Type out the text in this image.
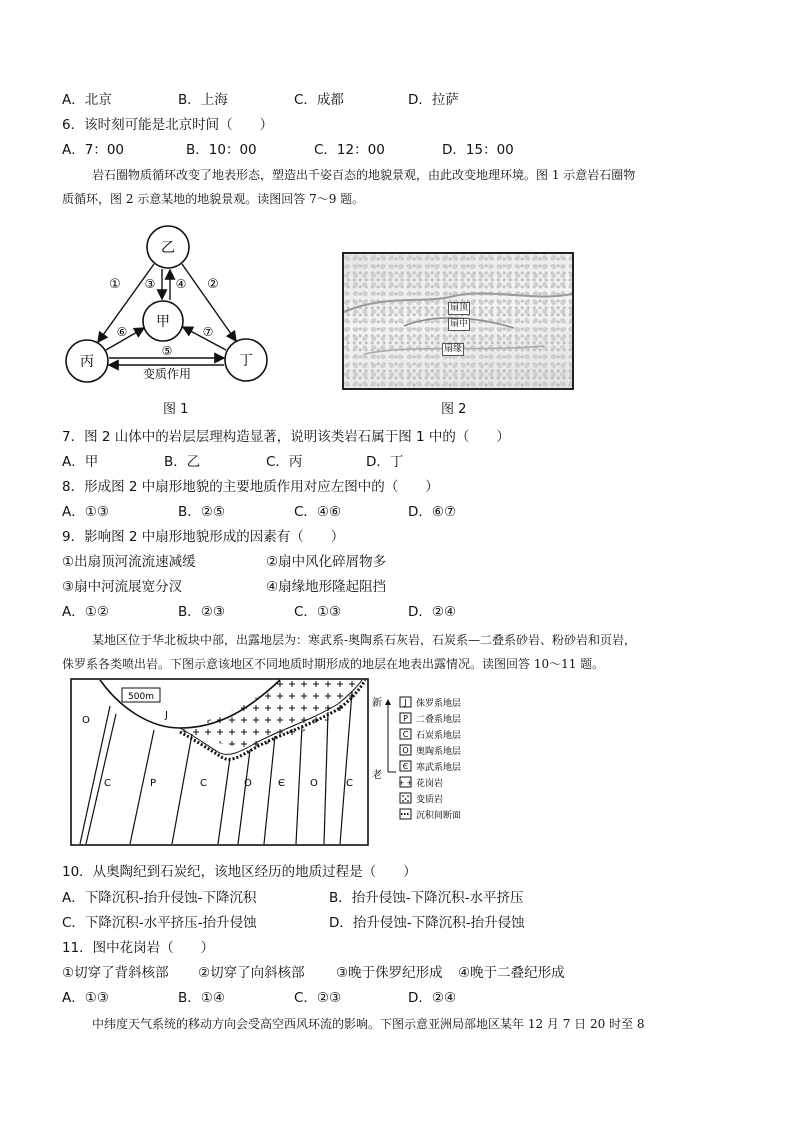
A．北京	B．上海	C．成都	D．拉萨
6．该时刻可能是北京时间（　　）
A．7：00	B．10：00	C．12：00	D．15：00
岩石圈物质循环改变了地表形态，塑造出千姿百态的地貌景观，由此改变地理环境。图 1 示意岩石圈物
质循环，图 2 示意某地的地貌景观。读图回答 7～9 题。
乙
甲
丙	丁
①	②
③ ④
⑥	⑦
⑤
变质作用
图 1
扇顶
扇中
扇缘
图 2
7．图 2 山体中的岩层层理构造显著，说明该类岩石属于图 1 中的（　　）
A．甲	B．乙	C．丙	D．丁
8．形成图 2 中扇形地貌的主要地质作用对应左图中的（　　）
A．①③	B．②⑤	C．④⑥	D．⑥⑦
9．影响图 2 中扇形地貌形成的因素有（　　）
①出扇顶河流流速减缓	②扇中风化碎屑物多
③扇中河流展宽分汊	④扇缘地形隆起阻挡
A．①②	B．②③	C．①③	D．②④
某地区位于华北板块中部，出露地层为：寒武系-奥陶系石灰岩，石炭系—二叠系砂岩、粉砂岩和页岩，
侏罗系各类喷出岩。下图示意该地区不同地质时期形成的地层在地表出露情况。读图回答 10～11 题。
500m
O	J
C	P	C	O	Є	O	C
新
老
J 侏罗系地层
P 二叠系地层
C 石炭系地层
O 奥陶系地层
Є 寒武系地层
+ + 花岗岩
变质岩
沉积间断面
10．从奥陶纪到石炭纪，该地区经历的地质过程是（　　）
A．下降沉积-抬升侵蚀-下降沉积	B．抬升侵蚀-下降沉积-水平挤压
C．下降沉积-水平挤压-抬升侵蚀	D．抬升侵蚀-下降沉积-抬升侵蚀
11．图中花岗岩（　　）
①切穿了背斜核部 ②切穿了向斜核部 ③晚于侏罗纪形成 ④晚于二叠纪形成
A．①③	B．①④	C．②③	D．②④
中纬度天气系统的移动方向会受高空西风环流的影响。下图示意亚洲局部地区某年 12 月 7 日 20 时至 8
